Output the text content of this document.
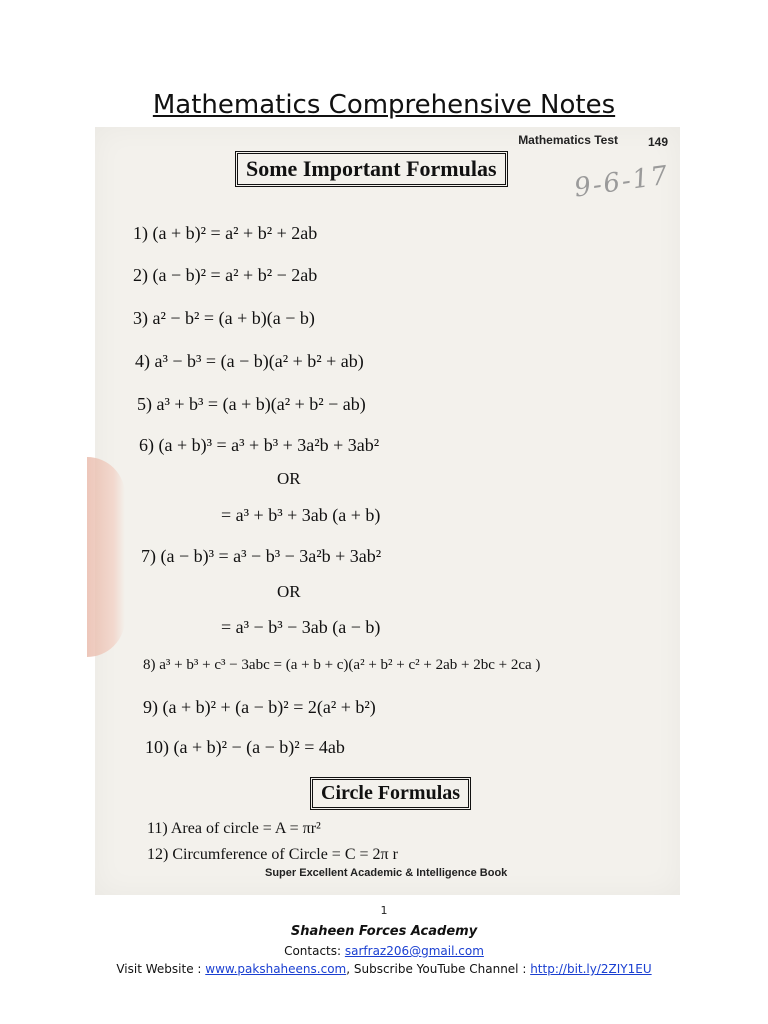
Mathematics Comprehensive Notes
Mathematics Test 149
9-6-17
Some Important Formulas
1) (a + b)² = a² + b² + 2ab
2) (a − b)² = a² + b² − 2ab
3) a² − b² = (a + b)(a − b)
4) a³ − b³ = (a − b)(a² + b² + ab)
5) a³ + b³ = (a + b)(a² + b² − ab)
6) (a + b)³ = a³ + b³ + 3a²b + 3ab²
OR
= a³ + b³ + 3ab (a + b)
7) (a − b)³ = a³ − b³ − 3a²b + 3ab²
OR
= a³ − b³ − 3ab (a − b)
8) a³ + b³ + c³ − 3abc = (a + b + c)(a² + b² + c² + 2ab + 2bc + 2ca )
9) (a + b)² + (a − b)² = 2(a² + b²)
10) (a + b)² − (a − b)² = 4ab
Circle Formulas
11) Area of circle = A = πr²
12) Circumference of Circle = C = 2π r
Super Excellent Academic & Intelligence Book
1
Shaheen Forces Academy
Contacts: sarfraz206@gmail.com
Visit Website : www.pakshaheens.com, Subscribe YouTube Channel : http://bit.ly/2ZIY1EU
